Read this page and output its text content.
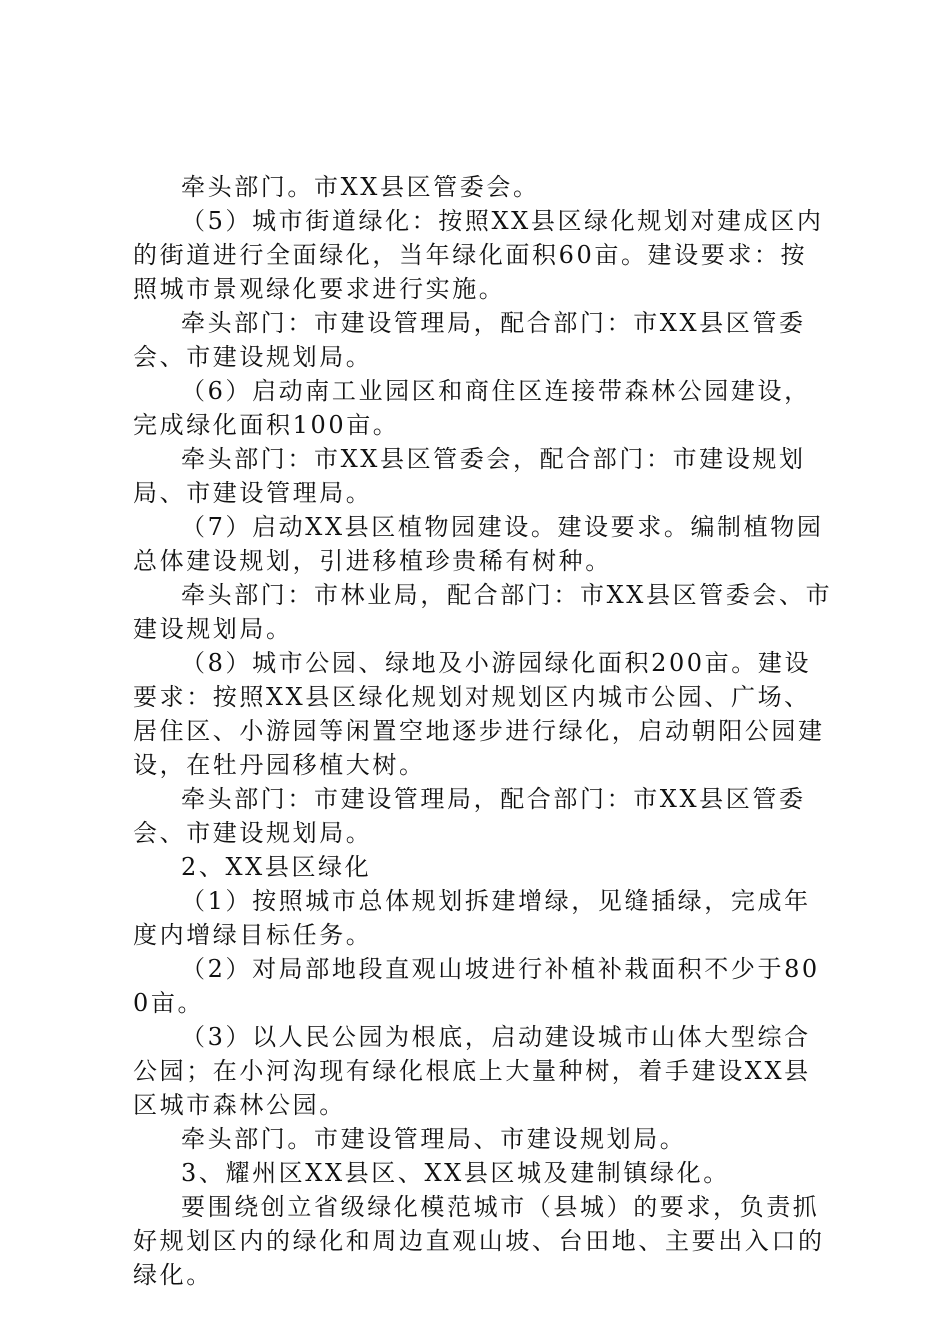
牵头部门。市XX县区管委会。

（5）城市街道绿化：按照XX县区绿化规划对建成区内的街道进行全面绿化，当年绿化面积60亩。建设要求：按照城市景观绿化要求进行实施。

牵头部门：市建设管理局，配合部门：市XX县区管委会、市建设规划局。

（6）启动南工业园区和商住区连接带森林公园建设，完成绿化面积100亩。

牵头部门：市XX县区管委会，配合部门：市建设规划局、市建设管理局。

（7）启动XX县区植物园建设。建设要求。编制植物园总体建设规划，引进移植珍贵稀有树种。

牵头部门：市林业局，配合部门：市XX县区管委会、市建设规划局。

（8）城市公园、绿地及小游园绿化面积200亩。建设要求：按照XX县区绿化规划对规划区内城市公园、广场、居住区、小游园等闲置空地逐步进行绿化，启动朝阳公园建设，在牡丹园移植大树。

牵头部门：市建设管理局，配合部门：市XX县区管委会、市建设规划局。

2、XX县区绿化

（1）按照城市总体规划拆建增绿，见缝插绿，完成年度内增绿目标任务。

（2）对局部地段直观山坡进行补植补栽面积不少于800亩。

（3）以人民公园为根底，启动建设城市山体大型综合公园；在小河沟现有绿化根底上大量种树，着手建设XX县区城市森林公园。

牵头部门。市建设管理局、市建设规划局。

3、耀州区XX县区、XX县区城及建制镇绿化。

要围绕创立省级绿化模范城市（县城）的要求，负责抓好规划区内的绿化和周边直观山坡、台田地、主要出入口的绿化。
